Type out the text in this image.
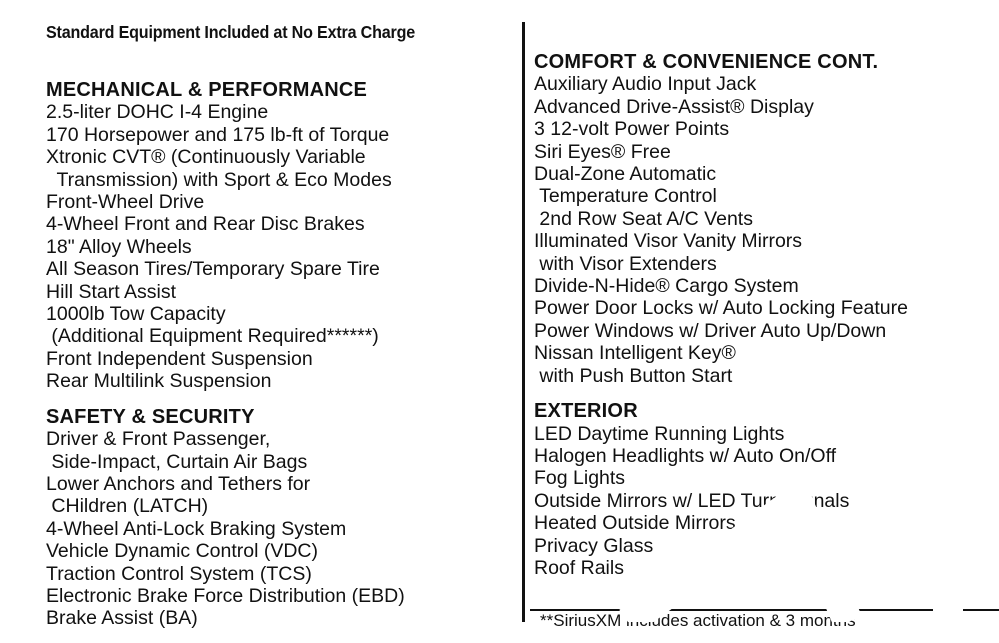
Standard Equipment Included at No Extra Charge
MECHANICAL & PERFORMANCE
2.5-liter DOHC I-4 Engine
170 Horsepower and 175 lb-ft of Torque
Xtronic CVT® (Continuously Variable
Transmission) with Sport & Eco Modes
Front-Wheel Drive
4-Wheel Front and Rear Disc Brakes
18" Alloy Wheels
All Season Tires/Temporary Spare Tire
Hill Start Assist
1000lb Tow Capacity
(Additional Equipment Required******)
Front Independent Suspension
Rear Multilink Suspension
SAFETY & SECURITY
Driver & Front Passenger,
Side-Impact, Curtain Air Bags
Lower Anchors and Tethers for
CHildren (LATCH)
4-Wheel Anti-Lock Braking System
Vehicle Dynamic Control (VDC)
Traction Control System (TCS)
Electronic Brake Force Distribution (EBD)
Brake Assist (BA)
COMFORT & CONVENIENCE CONT.
Auxiliary Audio Input Jack
Advanced Drive-Assist® Display
3 12-volt Power Points
Siri Eyes® Free
Dual-Zone Automatic
Temperature Control
2nd Row Seat A/C Vents
Illuminated Visor Vanity Mirrors
with Visor Extenders
Divide-N-Hide® Cargo System
Power Door Locks w/ Auto Locking Feature
Power Windows w/ Driver Auto Up/Down
Nissan Intelligent Key®
with Push Button Start
EXTERIOR
LED Daytime Running Lights
Halogen Headlights w/ Auto On/Off
Fog Lights
Outside Mirrors w/ LED Turn Signals
Heated Outside Mirrors
Privacy Glass
Roof Rails
**SiriusXM includes activation & 3 months
